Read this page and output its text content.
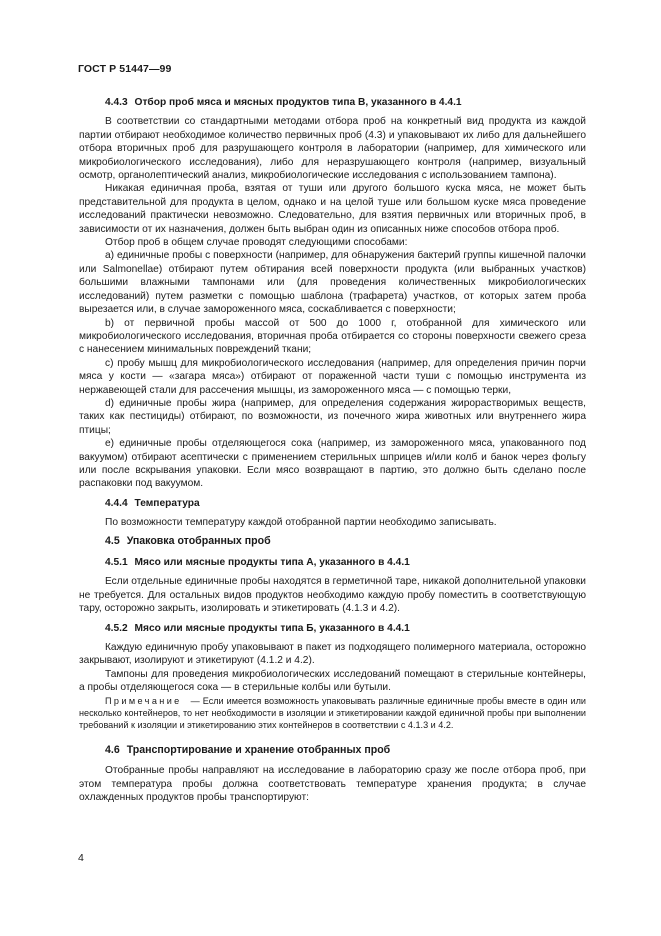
ГОСТ Р 51447—99

4.4.3 Отбор проб мяса и мясных продуктов типа В, указанного в 4.4.1

В соответствии со стандартными методами отбора проб на конкретный вид продукта из каждой партии отбирают необходимое количество первичных проб (4.3) и упаковывают их либо для дальнейшего отбора вторичных проб для разрушающего контроля в лаборатории (например, для химического или микробиологического исследования), либо для неразрушающего контроля (например, визуальный осмотр, органолептический анализ, микробиологические исследования с использованием тампона).

Никакая единичная проба, взятая от туши или другого большого куска мяса, не может быть представительной для продукта в целом, однако и на целой туше или большом куске мяса проведение исследований практически невозможно. Следовательно, для взятия первичных или вторичных проб, в зависимости от их назначения, должен быть выбран один из описанных ниже способов отбора проб.

Отбор проб в общем случае проводят следующими способами:

a) единичные пробы с поверхности (например, для обнаружения бактерий группы кишечной палочки или Salmonellae) отбирают путем обтирания всей поверхности продукта (или выбранных участков) большими влажными тампонами или (для проведения количественных микробиологических исследований) путем разметки с помощью шаблона (трафарета) участков, от которых затем проба вырезается или, в случае замороженного мяса, соскабливается с поверхности;

b) от первичной пробы массой от 500 до 1000 г, отобранной для химического или микробиологического исследования, вторичная проба отбирается со стороны поверхности свежего среза с нанесением минимальных повреждений ткани;

c) пробу мышц для микробиологического исследования (например, для определения причин порчи мяса у кости — «загара мяса») отбирают от пораженной части туши с помощью инструмента из нержавеющей стали для рассечения мышцы, из замороженного мяса — с помощью терки,

d) единичные пробы жира (например, для определения содержания жирорастворимых веществ, таких как пестициды) отбирают, по возможности, из почечного жира животных или внутреннего жира птицы;

e) единичные пробы отделяющегося сока (например, из замороженного мяса, упакованного под вакуумом) отбирают асептически с применением стерильных шприцев и/или колб и банок через фольгу или после вскрывания упаковки. Если мясо возвращают в партию, это должно быть сделано после распаковки под вакуумом.

4.4.4 Температура

По возможности температуру каждой отобранной партии необходимо записывать.

4.5 Упаковка отобранных проб

4.5.1 Мясо или мясные продукты типа А, указанного в 4.4.1

Если отдельные единичные пробы находятся в герметичной таре, никакой дополнительной упаковки не требуется. Для остальных видов продуктов необходимо каждую пробу поместить в соответствующую тару, осторожно закрыть, изолировать и этикетировать (4.1.3 и 4.2).

4.5.2 Мясо или мясные продукты типа Б, указанного в 4.4.1

Каждую единичную пробу упаковывают в пакет из подходящего полимерного материала, осторожно закрывают, изолируют и этикетируют (4.1.2 и 4.2).

Тампоны для проведения микробиологических исследований помещают в стерильные контейнеры, а пробы отделяющегося сока — в стерильные колбы или бутыли.

Примечание — Если имеется возможность упаковывать различные единичные пробы вместе в один или несколько контейнеров, то нет необходимости в изоляции и этикетировании каждой единичной пробы при выполнении требований к изоляции и этикетированию этих контейнеров в соответствии с 4.1.3 и 4.2.

4.6 Транспортирование и хранение отобранных проб

Отобранные пробы направляют на исследование в лабораторию сразу же после отбора проб, при этом температура пробы должна соответствовать температуре хранения продукта; в случае охлажденных продуктов пробы транспортируют:

4
